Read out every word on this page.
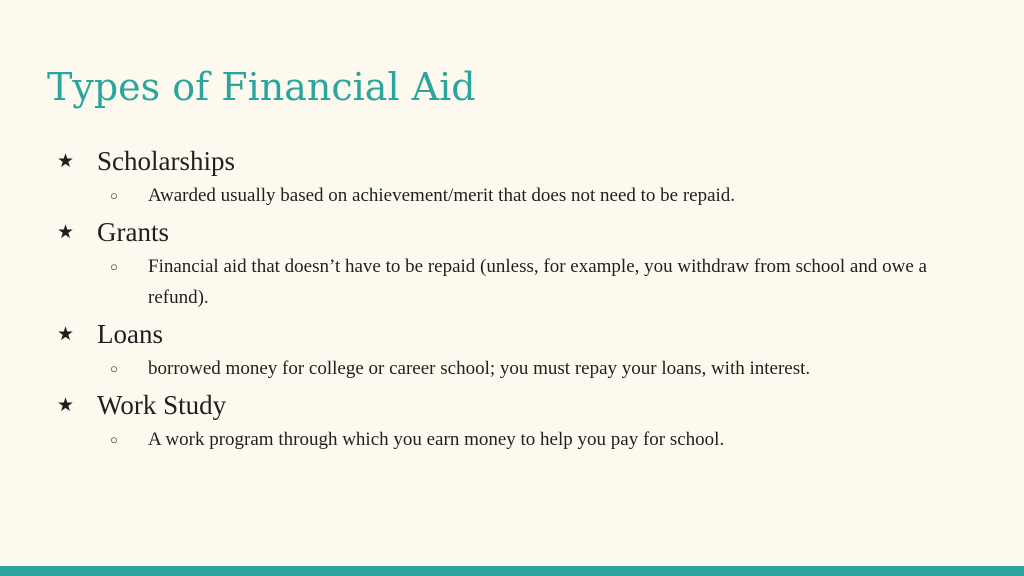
Types of Financial Aid
★ Scholarships
○ Awarded usually based on achievement/merit that does not need to be repaid.
★ Grants
○ Financial aid that doesn’t have to be repaid (unless, for example, you withdraw from school and owe a refund).
★ Loans
○ borrowed money for college or career school; you must repay your loans, with interest.
★ Work Study
○ A work program through which you earn money to help you pay for school.
